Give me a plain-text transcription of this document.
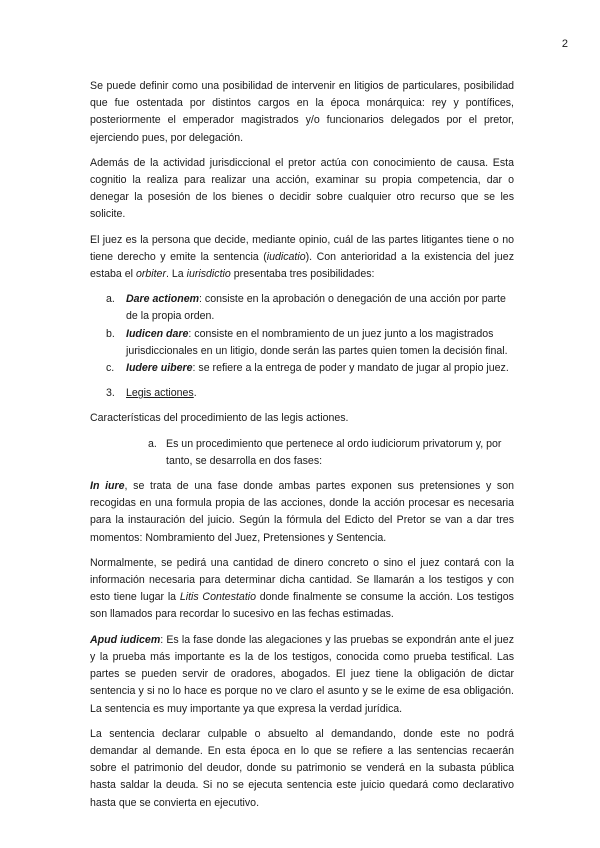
2

Se puede definir como una posibilidad de intervenir en litigios de particulares, posibilidad que fue ostentada por distintos cargos en la época monárquica: rey y pontífices, posteriormente el emperador magistrados y/o funcionarios delegados por el pretor, ejerciendo pues, por delegación.

Además de la actividad jurisdiccional el pretor actúa con conocimiento de causa. Esta cognitio la realiza para realizar una acción, examinar su propia competencia, dar o denegar la posesión de los bienes o decidir sobre cualquier otro recurso que se les solicite.

El juez es la persona que decide, mediante opinio, cuál de las partes litigantes tiene o no tiene derecho y emite la sentencia (iudicatio). Con anterioridad a la existencia del juez estaba el orbiter. La iurisdictio presentaba tres posibilidades:

a.	Dare actionem: consiste en la aprobación o denegación de una acción por parte de la propia orden.
b.	Iudicen dare: consiste en el nombramiento de un juez junto a los magistrados jurisdiccionales en un litigio, donde serán las partes quien tomen la decisión final.
c.	Iudere uibere: se refiere a la entrega de poder y mandato de jugar al propio juez.
3.	Legis actiones.

Características del procedimiento de las legis actiones.

a. Es un procedimiento que pertenece al ordo iudiciorum privatorum y, por tanto, se desarrolla en dos fases:

In iure, se trata de una fase donde ambas partes exponen sus pretensiones y son recogidas en una formula propia de las acciones, donde la acción procesar es necesaria para la instauración del juicio. Según la fórmula del Edicto del Pretor se van a dar tres momentos: Nombramiento del Juez, Pretensiones y Sentencia.

Normalmente, se pedirá una cantidad de dinero concreto o sino el juez contará con la información necesaria para determinar dicha cantidad. Se llamarán a los testigos y con esto tiene lugar la Litis Contestatio donde finalmente se consume la acción. Los testigos son llamados para recordar lo sucesivo en las fechas estimadas.

Apud iudicem: Es la fase donde las alegaciones y las pruebas se expondrán ante el juez y la prueba más importante es la de los testigos, conocida como prueba testifical. Las partes se pueden servir de oradores, abogados. El juez tiene la obligación de dictar sentencia y si no lo hace es porque no ve claro el asunto y se le exime de esa obligación. La sentencia es muy importante ya que expresa la verdad jurídica.

La sentencia declarar culpable o absuelto al demandando, donde este no podrá demandar al demande. En esta época en lo que se refiere a las sentencias recaerán sobre el patrimonio del deudor, donde su patrimonio se venderá en la subasta pública hasta saldar la deuda. Si no se ejecuta sentencia este juicio quedará como declarativo hasta que se convierta en ejecutivo.
